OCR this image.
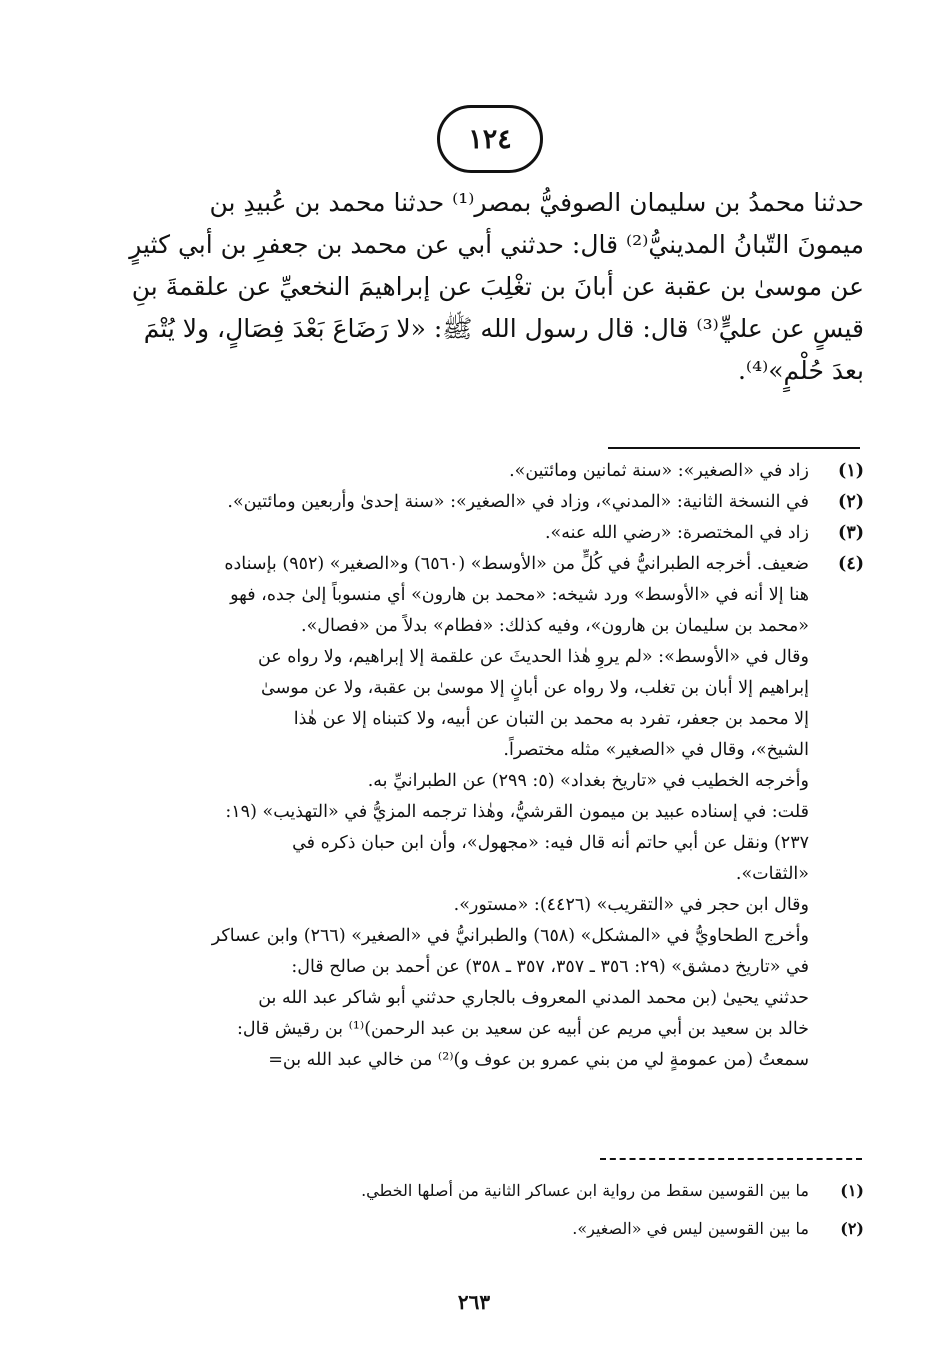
١٢٤
حدثنا محمدُ بن سليمان الصوفيُّ بمصر⁽¹⁾ حدثنا محمد بن عُبيدِ بن
ميمونَ التّبانُ المدينيُّ⁽²⁾ قال: حدثني أبي عن محمد بن جعفرِ بن أبي كثيرٍ
عن موسىٰ بن عقبة عن أبانَ بن تغْلِبَ عن إبراهيمَ النخعيِّ عن علقمةَ بنِ
قيسٍ عن عليٍّ⁽³⁾ قال: قال رسول الله ﷺ: «لا رَضَاعَ بَعْدَ فِصَالٍ، ولا يُتْمَ
بعدَ حُلْمٍ»⁽⁴⁾.
(١)
زاد في «الصغير»: «سنة ثمانين ومائتين».
(٢)
في النسخة الثانية: «المدني»، وزاد في «الصغير»: «سنة إحدىٰ وأربعين ومائتين».
(٣)
زاد في المختصرة: «رضي الله عنه».
(٤)
ضعيف. أخرجه الطبرانيُّ في كُلٍّ من «الأوسط» (٦٥٦٠) و«الصغير» (٩٥٢) بإسناده
هنا إلا أنه في «الأوسط» ورد شيخه: «محمد بن هارون» أي منسوباً إلىٰ جده، فهو
«محمد بن سليمان بن هارون»، وفيه كذلك: «فطام» بدلاً من «فصال».
وقال في «الأوسط»: «لم يروِ هٰذا الحديثَ عن علقمة إلا إبراهيم، ولا رواه عن
إبراهيم إلا أبان بن تغلب، ولا رواه عن أبانٍ إلا موسىٰ بن عقبة، ولا عن موسىٰ
إلا محمد بن جعفر، تفرد به محمد بن التبان عن أبيه، ولا كتبناه إلا عن هٰذا
الشيخ»، وقال في «الصغير» مثله مختصراً.
وأخرجه الخطيب في «تاريخ بغداد» (٥: ٢٩٩) عن الطبرانيِّ به.
قلت: في إسناده عبيد بن ميمون القرشيُّ، وهٰذا ترجمه المزيُّ في «التهذيب» (١٩:
٢٣٧) ونقل عن أبي حاتم أنه قال فيه: «مجهول»، وأن ابن حبان ذكره في
«الثقات».
وقال ابن حجر في «التقريب» (٤٤٢٦): «مستور».
وأخرج الطحاويُّ في «المشكل» (٦٥٨) والطبرانيُّ في «الصغير» (٢٦٦) وابن عساكر
في «تاريخ دمشق» (٢٩: ٣٥٦ ـ ٣٥٧، ٣٥٧ ـ ٣٥٨) عن أحمد بن صالح قال:
حدثني يحيىٰ (بن محمد المدني المعروف بالجاري حدثني أبو شاكر عبد الله بن
خالد بن سعيد بن أبي مريم عن أبيه عن سعيد بن عبد الرحمن)⁽¹⁾ بن رقيش قال:
سمعتُ (من عمومةٍ لي من بني عمرو بن عوف و)⁽²⁾ من خالي عبد الله بن=
(١)
ما بين القوسين سقط من رواية ابن عساكر الثانية من أصلها الخطي.
(٢)
ما بين القوسين ليس في «الصغير».
٢٦٣
